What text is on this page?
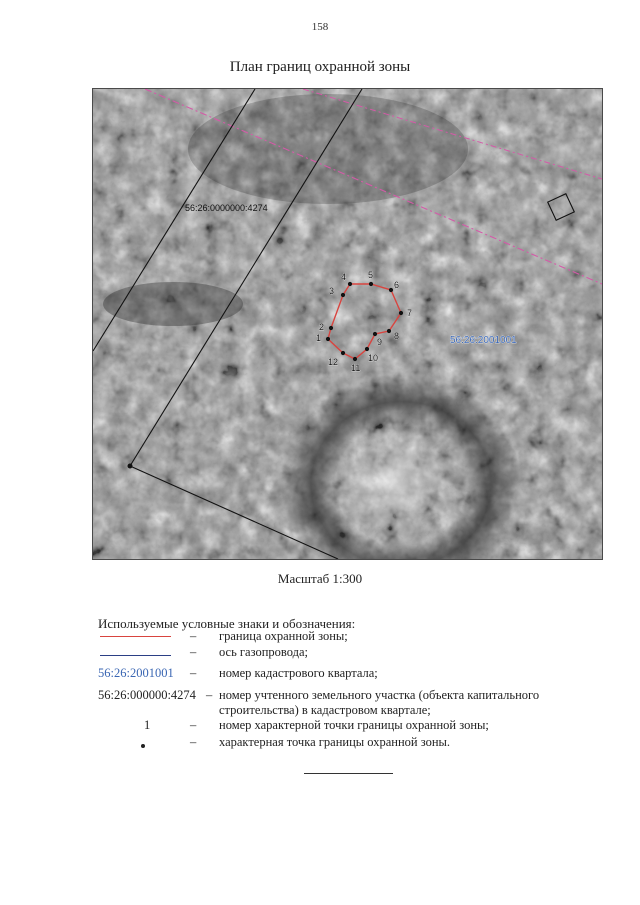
158
План границ охранной зоны
56:26:0000000:4274
56:26:2001001
1
2
3
4 5
6
7
8
9
10
11
12
Масштаб 1:300
Используемые условные знаки и обозначения:
– граница охранной зоны;
– ось газопровода;
56:26:2001001 – номер кадастрового квартала;
56:26:000000:4274 – номер учтенного земельного участка (объекта капитального строительства) в кадастровом квартале;
1	– номер характерной точки границы охранной зоны;
– характерная точка границы охранной зоны.
